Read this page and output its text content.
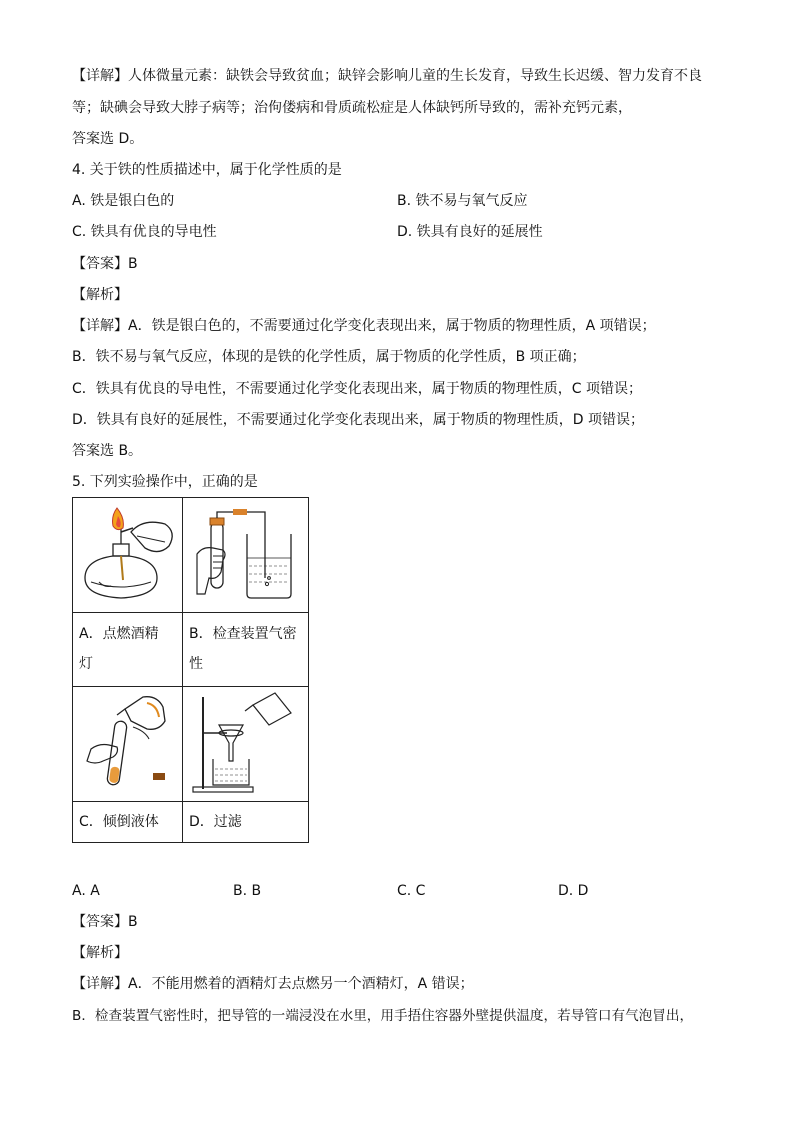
【详解】人体微量元素：缺铁会导致贫血；缺锌会影响儿童的生长发育，导致生长迟缓、智力发育不良
等；缺碘会导致大脖子病等；治佝偻病和骨质疏松症是人体缺钙所导致的，需补充钙元素，
答案选 D。
4. 关于铁的性质描述中，属于化学性质的是
A. 铁是银白色的	B. 铁不易与氧气反应
C. 铁具有优良的导电性	D. 铁具有良好的延展性
【答案】B
【解析】
【详解】A．铁是银白色的，不需要通过化学变化表现出来，属于物质的物理性质，A 项错误；
B．铁不易与氧气反应，体现的是铁的化学性质，属于物质的化学性质，B 项正确；
C．铁具有优良的导电性，不需要通过化学变化表现出来，属于物质的物理性质，C 项错误；
D．铁具有良好的延展性，不需要通过化学变化表现出来，属于物质的物理性质，D 项错误；
答案选 B。
5. 下列实验操作中，正确的是
A．点燃酒精
灯
B．检查装置气密
性
C．倾倒液体 D．过滤
A. A	B. B	C. C	D. D
【答案】B
【解析】
【详解】A．不能用燃着的酒精灯去点燃另一个酒精灯，A 错误；
B．检查装置气密性时，把导管的一端浸没在水里，用手捂住容器外壁提供温度，若导管口有气泡冒出，
